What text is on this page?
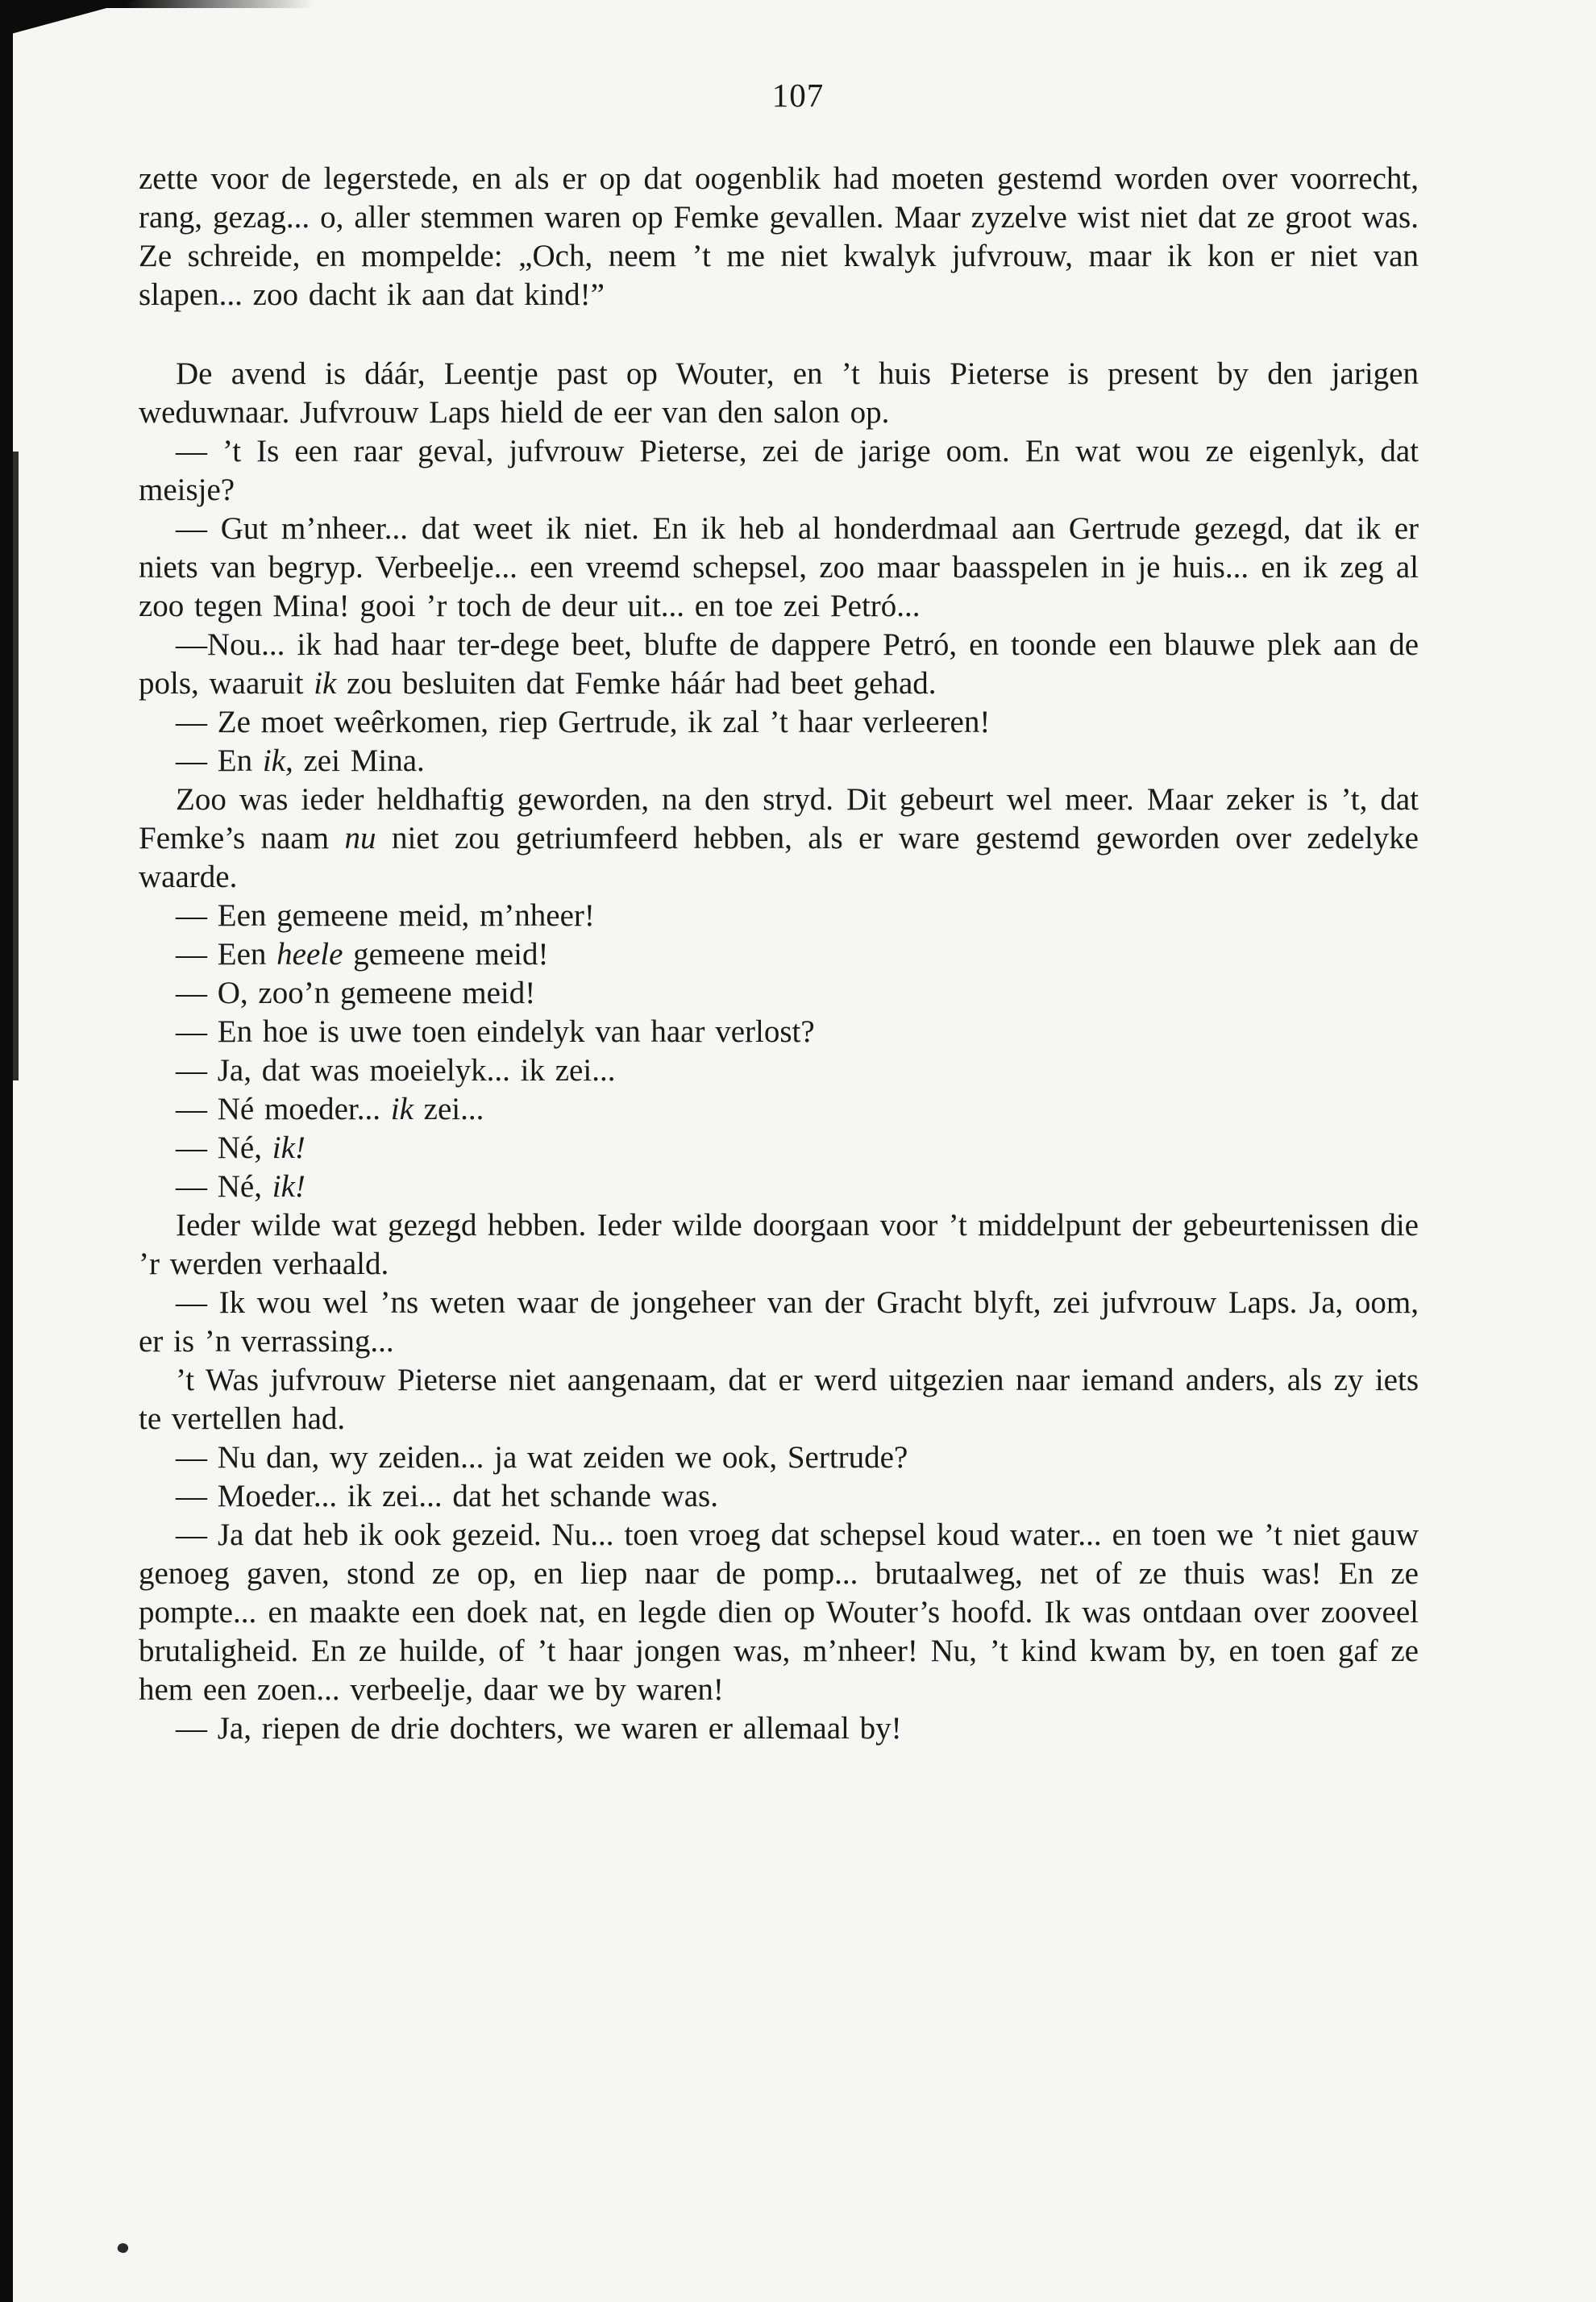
107

zette voor de legerstede, en als er op dat oogenblik had moeten gestemd worden over voorrecht, rang, gezag... o, aller stemmen waren op Femke gevallen. Maar zyzelve wist niet dat ze groot was. Ze schreide, en mompelde: „Och, neem ’t me niet kwalyk jufvrouw, maar ik kon er niet van slapen... zoo dacht ik aan dat kind!”

De avend is dáár, Leentje past op Wouter, en ’t huis Pieterse is present by den jarigen weduwnaar. Jufvrouw Laps hield de eer van den salon op.

— ’t Is een raar geval, jufvrouw Pieterse, zei de jarige oom. En wat wou ze eigenlyk, dat meisje?

— Gut m’nheer... dat weet ik niet. En ik heb al honderdmaal aan Gertrude gezegd, dat ik er niets van begryp. Verbeelje... een vreemd schepsel, zoo maar baasspelen in je huis... en ik zeg al zoo tegen Mina! gooi ’r toch de deur uit... en toe zei Petró...

—Nou... ik had haar ter-dege beet, blufte de dappere Petró, en toonde een blauwe plek aan de pols, waaruit ik zou besluiten dat Femke háár had beet gehad.

— Ze moet weêrkomen, riep Gertrude, ik zal ’t haar verleeren!

— En ik, zei Mina.

Zoo was ieder heldhaftig geworden, na den stryd. Dit gebeurt wel meer. Maar zeker is ’t, dat Femke’s naam nu niet zou getriumfeerd hebben, als er ware gestemd geworden over zedelyke waarde.

— Een gemeene meid, m’nheer!

— Een heele gemeene meid!

— O, zoo’n gemeene meid!

— En hoe is uwe toen eindelyk van haar verlost?

— Ja, dat was moeielyk... ik zei...

— Né moeder... ik zei...

— Né, ik!

— Né, ik!

Ieder wilde wat gezegd hebben. Ieder wilde doorgaan voor ’t middelpunt der gebeurtenissen die ’r werden verhaald.

— Ik wou wel ’ns weten waar de jongeheer van der Gracht blyft, zei jufvrouw Laps. Ja, oom, er is ’n verrassing...

’t Was jufvrouw Pieterse niet aangenaam, dat er werd uitgezien naar iemand anders, als zy iets te vertellen had.

— Nu dan, wy zeiden... ja wat zeiden we ook, Sertrude?

— Moeder... ik zei... dat het schande was.

— Ja dat heb ik ook gezeid. Nu... toen vroeg dat schepsel koud water... en toen we ’t niet gauw genoeg gaven, stond ze op, en liep naar de pomp... brutaalweg, net of ze thuis was! En ze pompte... en maakte een doek nat, en legde dien op Wouter’s hoofd. Ik was ontdaan over zooveel brutaligheid. En ze huilde, of ’t haar jongen was, m’nheer! Nu, ’t kind kwam by, en toen gaf ze hem een zoen... verbeelje, daar we by waren!

— Ja, riepen de drie dochters, we waren er allemaal by!
